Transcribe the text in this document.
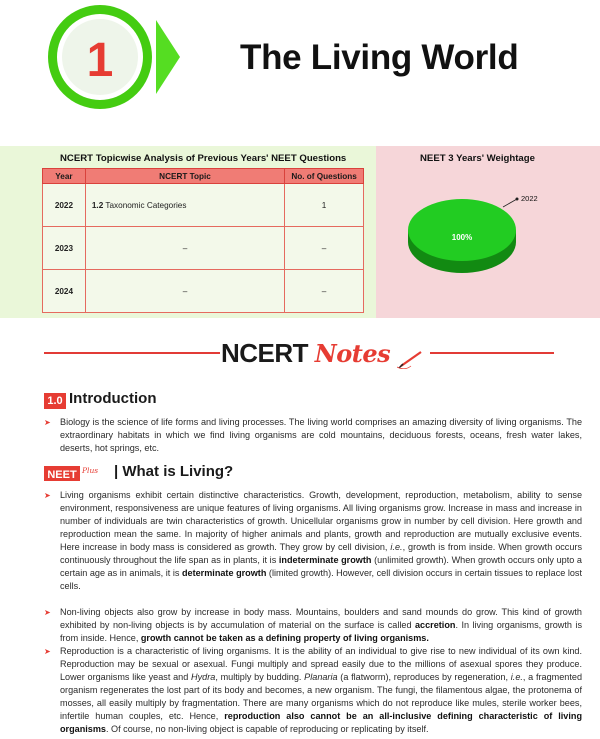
1	The Living World
NCERT Topicwise Analysis of Previous Years' NEET Questions	NEET 3 Years' Weightage
Year	NCERT Topic	No. of Questions
2022	1.2 Taxonomic Categories	1
2023	–	–
2024	–	–
100%
2022
NCERT Notes
1.0 Introduction
➤ Biology is the science of life forms and living processes. The living world comprises an amazing diversity of living organisms. The extraordinary habitats in which we find living organisms are cold mountains, deciduous forests, oceans, fresh water lakes, deserts, hot springs, etc.

NEET Plus | What is Living?
➤ Living organisms exhibit certain distinctive characteristics. Growth, development, reproduction, metabolism, ability to sense environment, responsiveness are unique features of living organisms. All living organisms grow. Increase in mass and increase in number of individuals are twin characteristics of growth. Unicellular organisms grow in number by cell division. Here growth and reproduction mean the same. In majority of higher animals and plants, growth and reproduction are mutually exclusive events. Here increase in body mass is considered as growth. They grow by cell division, i.e., growth is from inside. When growth occurs continuously throughout the life span as in plants, it is indeterminate growth (unlimited growth). When growth occurs only upto a certain age as in animals, it is determinate growth (limited growth). However, cell division occurs in certain tissues to replace lost cells.

➤ Non-living objects also grow by increase in body mass. Mountains, boulders and sand mounds do grow. This kind of growth exhibited by non-living objects is by accumulation of material on the surface is called accretion. In living organisms, growth is from inside. Hence, growth cannot be taken as a defining property of living organisms.

➤ Reproduction is a characteristic of living organisms. It is the ability of an individual to give rise to new individual of its own kind. Reproduction may be sexual or asexual. Fungi multiply and spread easily due to the millions of asexual spores they produce. Lower organisms like yeast and Hydra, multiply by budding. Planaria (a flatworm), reproduces by regeneration, i.e., a fragmented organism regenerates the lost part of its body and becomes, a new organism. The fungi, the filamentous algae, the protonema of mosses, all easily multiply by fragmentation. There are many organisms which do not reproduce like mules, sterile worker bees, infertile human couples, etc. Hence, reproduction also cannot be an all-inclusive defining characteristic of living organisms. Of course, no non-living object is capable of reproducing or replicating by itself.
